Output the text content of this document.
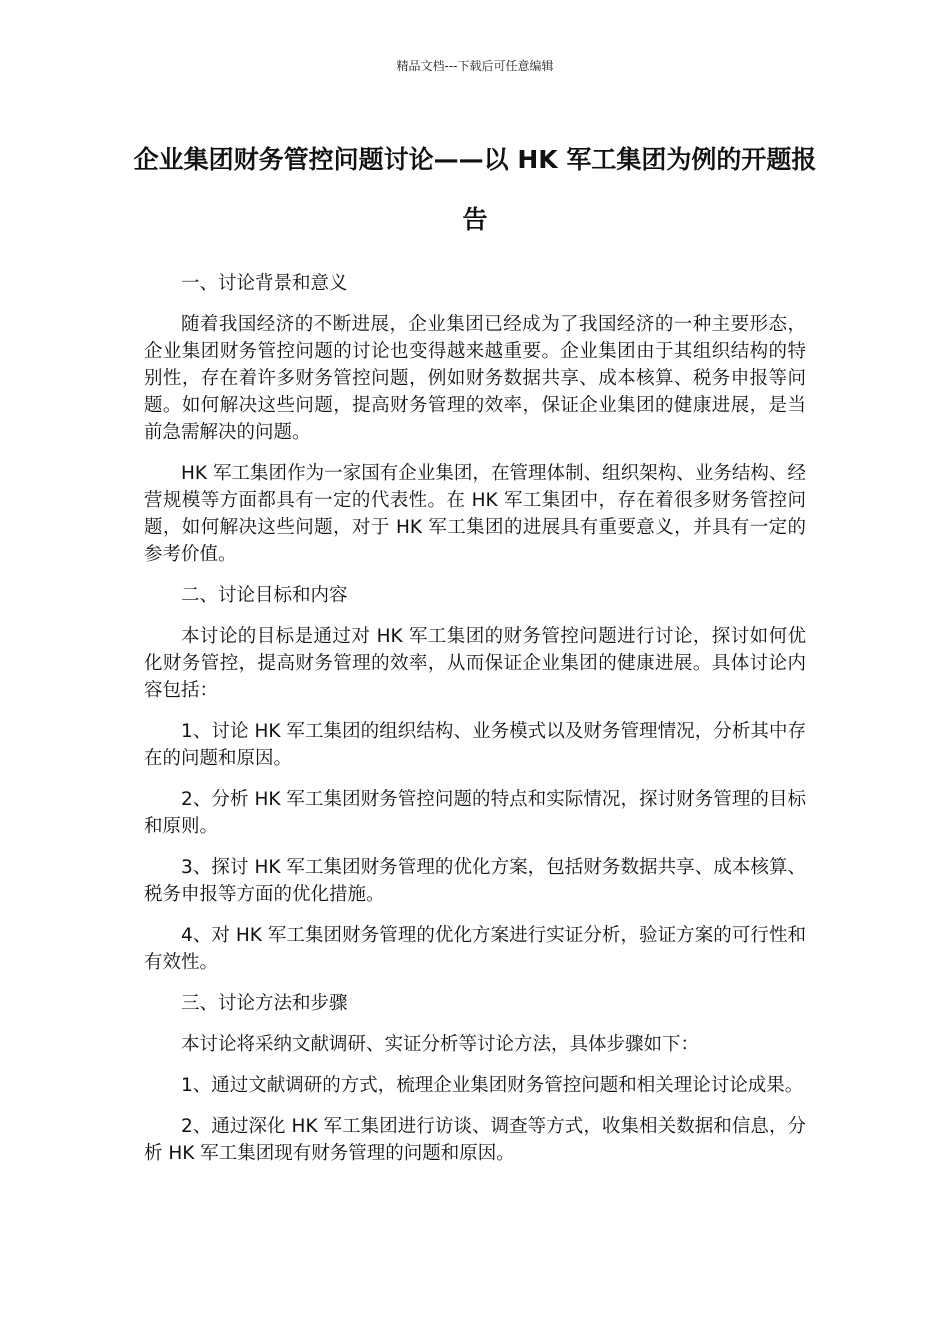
精品文档---下载后可任意编辑
企业集团财务管控问题讨论——以 HK 军工集团为例的开题报告

一、讨论背景和意义

随着我国经济的不断进展，企业集团已经成为了我国经济的一种主要形态，企业集团财务管控问题的讨论也变得越来越重要。企业集团由于其组织结构的特别性，存在着许多财务管控问题，例如财务数据共享、成本核算、税务申报等问题。如何解决这些问题，提高财务管理的效率，保证企业集团的健康进展，是当前急需解决的问题。

HK 军工集团作为一家国有企业集团，在管理体制、组织架构、业务结构、经营规模等方面都具有一定的代表性。在 HK 军工集团中，存在着很多财务管控问题，如何解决这些问题，对于 HK 军工集团的进展具有重要意义，并具有一定的参考价值。

二、讨论目标和内容

本讨论的目标是通过对 HK 军工集团的财务管控问题进行讨论，探讨如何优化财务管控，提高财务管理的效率，从而保证企业集团的健康进展。具体讨论内容包括：

1、讨论 HK 军工集团的组织结构、业务模式以及财务管理情况，分析其中存在的问题和原因。

2、分析 HK 军工集团财务管控问题的特点和实际情况，探讨财务管理的目标和原则。

3、探讨 HK 军工集团财务管理的优化方案，包括财务数据共享、成本核算、税务申报等方面的优化措施。

4、对 HK 军工集团财务管理的优化方案进行实证分析，验证方案的可行性和有效性。

三、讨论方法和步骤

本讨论将采纳文献调研、实证分析等讨论方法，具体步骤如下：

1、通过文献调研的方式，梳理企业集团财务管控问题和相关理论讨论成果。

2、通过深化 HK 军工集团进行访谈、调查等方式，收集相关数据和信息，分析 HK 军工集团现有财务管理的问题和原因。
